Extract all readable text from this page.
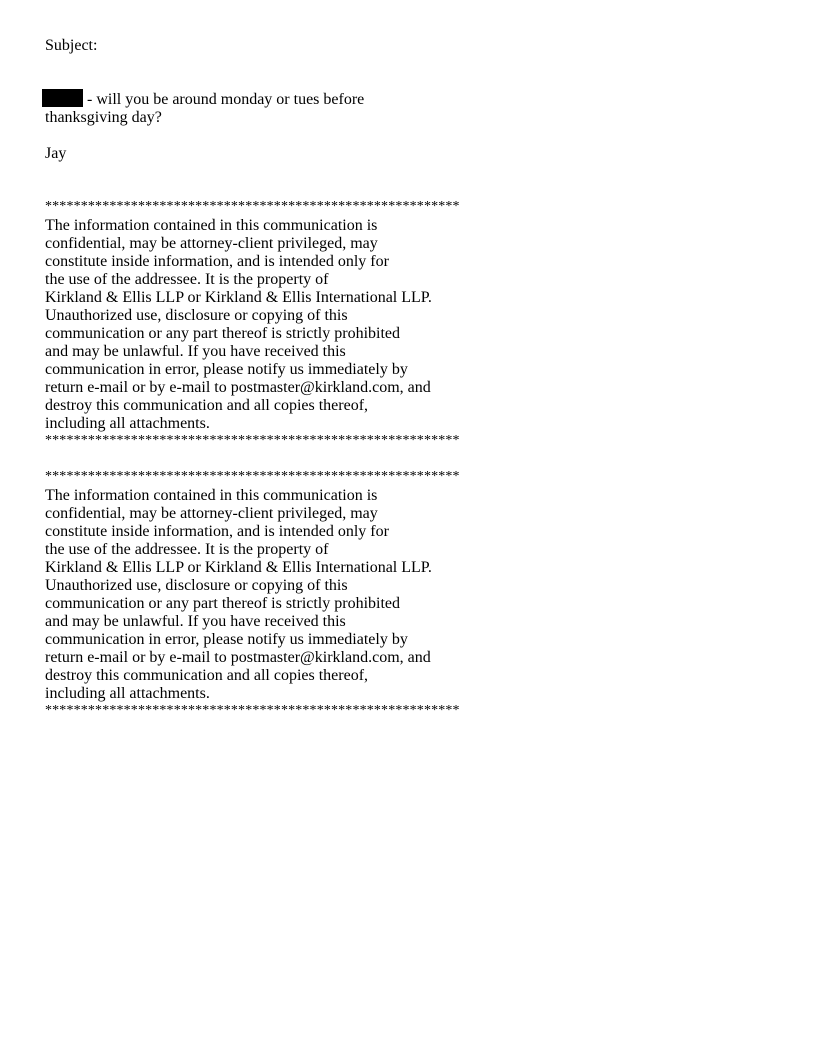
Subject:
- will you be around monday or tues before
thanksgiving day?
Jay
**********************************************************
The information contained in this communication is
confidential, may be attorney-client privileged, may
constitute inside information, and is intended only for
the use of the addressee. It is the property of
Kirkland & Ellis LLP or Kirkland & Ellis International LLP.
Unauthorized use, disclosure or copying of this
communication or any part thereof is strictly prohibited
and may be unlawful. If you have received this
communication in error, please notify us immediately by
return e-mail or by e-mail to postmaster@kirkland.com, and
destroy this communication and all copies thereof,
including all attachments.
**********************************************************
**********************************************************
The information contained in this communication is
confidential, may be attorney-client privileged, may
constitute inside information, and is intended only for
the use of the addressee. It is the property of
Kirkland & Ellis LLP or Kirkland & Ellis International LLP.
Unauthorized use, disclosure or copying of this
communication or any part thereof is strictly prohibited
and may be unlawful. If you have received this
communication in error, please notify us immediately by
return e-mail or by e-mail to postmaster@kirkland.com, and
destroy this communication and all copies thereof,
including all attachments.
**********************************************************
